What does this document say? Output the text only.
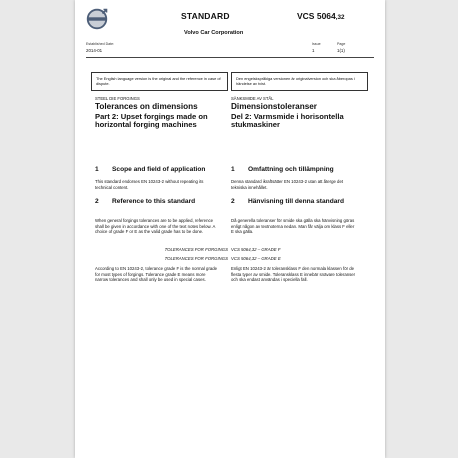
STANDARD	VCS 5064,32
Volvo Car Corporation
Established Date:
2014-01
Issue
1
Page
1(1)
The English language version is the original and the reference in case of dispute.
Den engelskspråkiga versionen är originalversion och ska åberopas i händelse av tvist.
STEEL DIE FORGINGS
Tolerances on dimensions
Part 2: Upset forgings made on horizontal forging machines
1 Scope and field of application
This standard endorses EN 10243-2 without repeating its technical content.
2 Reference to this standard
When general forgings tolerances are to be applied, reference shall be given in accordance with one of the text notes below. A choice of grade F or E as the valid grade has to be done.
SÄNKSMIDE AV STÅL
Dimensionstoleranser
Del 2: Varmsmide i horisontella stukmaskiner
1 Omfattning och tillämpning
Denna standard ikraftsätter EN 10243-2 utan att återge det tekniska innehållet.
2 Hänvisning till denna standard
Då generella toleranser för smide ska gälla ska hänvisning göras enligt någon av textnoterna nedan. Man får välja om klass F eller E ska gälla.
TOLERANCES FOR FORGINGS VCS 5064,32 – GRADE F
TOLERANCES FOR FORGINGS VCS 5064,32 – GRADE E
According to EN 10243-2, tolerance grade F is the normal grade for most types of forgings. Tolerance grade E means more narrow tolerances and shall only be used in special cases.
Enligt EN 10243-2 är toleransklass F den normala klassen för de flesta typer av smide. Toleransklass E innebär snävare toleranser och ska endast användas i speciella fall.
